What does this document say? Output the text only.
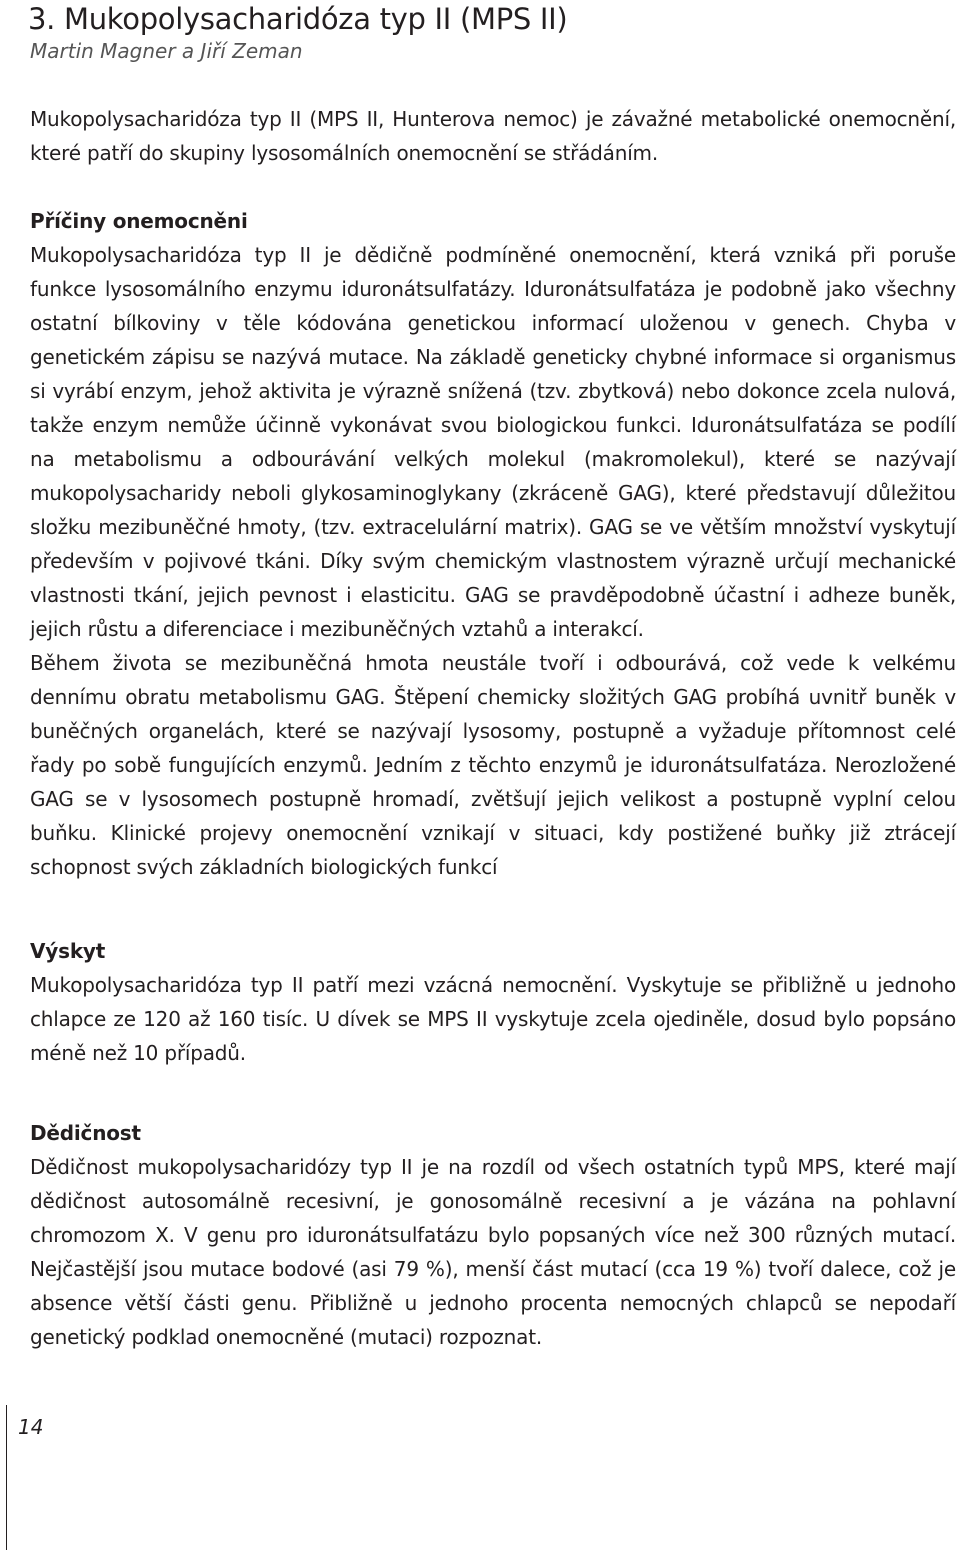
3. Mukopolysacharidóza typ II (MPS II)
Martin Magner a Jiří Zeman

Mukopolysacharidóza typ II (MPS II, Hunterova nemoc) je závažné metabolické onemocnění, které patří do skupiny lysosomálních onemocnění se střádáním.

Příčiny onemocněni

Mukopolysacharidóza typ II je dědičně podmíněné onemocnění, která vzniká při poruše funkce lysosomálního enzymu iduronátsulfatázy. Iduronátsulfatáza je podobně jako všechny ostatní bílkoviny v těle kódována genetickou informací uloženou v genech. Chyba v genetickém zápisu se nazývá mutace. Na základě geneticky chybné informace si organismus si vyrábí enzym, jehož aktivita je výrazně snížená (tzv. zbytková) nebo dokonce zcela nulová, takže enzym nemůže účinně vykonávat svou biologickou funkci. Iduronátsulfatáza se podílí na metabolismu a odbourávání velkých molekul (makromolekul), které se nazývají mukopolysacharidy neboli glykosaminoglykany (zkráceně GAG), které představují důležitou složku mezibuněčné hmoty, (tzv. extracelulární matrix). GAG se ve větším množství vyskytují především v pojivové tkáni. Díky svým chemickým vlastnostem výrazně určují mechanické vlastnosti tkání, jejich pevnost i elasticitu. GAG se pravděpodobně účastní i adheze buněk, jejich růstu a diferenciace i mezibuněčných vztahů a interakcí.

Během života se mezibuněčná hmota neustále tvoří i odbourává, což vede k velkému dennímu obratu metabolismu GAG. Štěpení chemicky složitých GAG probíhá uvnitř buněk v buněčných organelách, které se nazývají lysosomy, postupně a vyžaduje přítomnost celé řady po sobě fungujících enzymů. Jedním z těchto enzymů je iduronátsulfatáza. Nerozložené GAG se v lysosomech postupně hromadí, zvětšují jejich velikost a postupně vyplní celou buňku. Klinické projevy onemocnění vznikají v situaci, kdy postižené buňky již ztrácejí schopnost svých základních biologických funkcí

Výskyt

Mukopolysacharidóza typ II patří mezi vzácná nemocnění. Vyskytuje se přibližně u jednoho chlapce ze 120 až 160 tisíc. U dívek se MPS II vyskytuje zcela ojediněle, dosud bylo popsáno méně než 10 případů.

Dědičnost

Dědičnost mukopolysacharidózy typ II je na rozdíl od všech ostatních typů MPS, které mají dědičnost autosomálně recesivní, je gonosomálně recesivní a je vázána na pohlavní chromozom X. V genu pro iduronátsulfatázu bylo popsaných více než 300 různých mutací. Nejčastější jsou mutace bodové (asi 79 %), menší část mutací (cca 19 %) tvoří dalece, což je absence větší části genu. Přibližně u jednoho procenta nemocných chlapců se nepodaří genetický podklad onemocněné (mutaci) rozpoznat.

14
